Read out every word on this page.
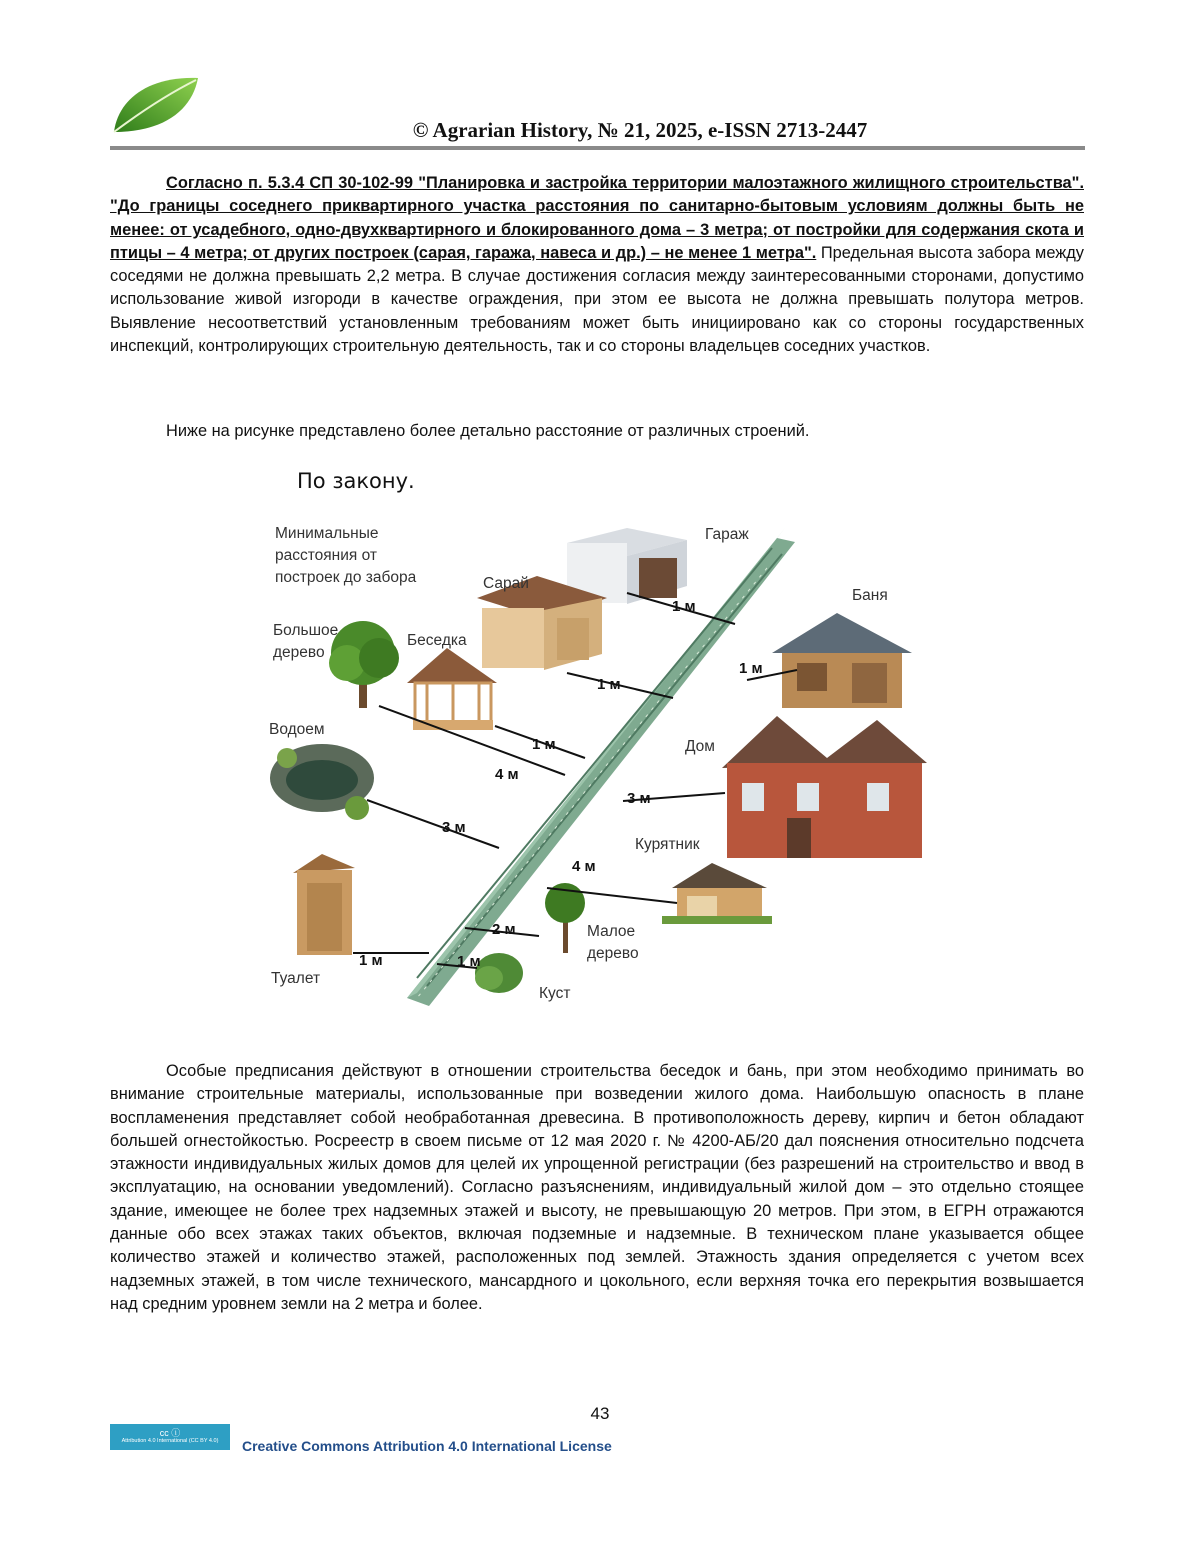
© Agrarian History, № 21, 2025, e-ISSN 2713-2447

Согласно п. 5.3.4 СП 30-102-99 "Планировка и застройка территории малоэтажного жилищного строительства". "До границы соседнего приквартирного участка расстояния по санитарно-бытовым условиям должны быть не менее: от усадебного, одно-двухквартирного и блокированного дома – 3 метра; от постройки для содержания скота и птицы – 4 метра; от других построек (сарая, гаража, навеса и др.) – не менее 1 метра". Предельная высота забора между соседями не должна превышать 2,2 метра. В случае достижения согласия между заинтересованными сторонами, допустимо использование живой изгороди в качестве ограждения, при этом ее высота не должна превышать полутора метров. Выявление несоответствий установленным требованиям может быть инициировано как со стороны государственных инспекций, контролирующих строительную деятельность, так и со стороны владельцев соседних участков.

Ниже на рисунке представлено более детально расстояние от различных строений.

По закону.
Минимальные
расстояния от
построек до забора
Гараж
Сарай
Баня
Большое
дерево
Беседка
Водоем
Дом
Курятник
Туалет
Малое
дерево
Куст
1 м
1 м
1 м
1 м
4 м
3 м
3 м
4 м
2 м
1 м	1 м

Особые предписания действуют в отношении строительства беседок и бань, при этом необходимо принимать во внимание строительные материалы, использованные при возведении жилого дома. Наибольшую опасность в плане воспламенения представляет собой необработанная древесина. В противоположность дереву, кирпич и бетон обладают большей огнестойкостью. Росреестр в своем письме от 12 мая 2020 г. № 4200-АБ/20 дал пояснения относительно подсчета этажности индивидуальных жилых домов для целей их упрощенной регистрации (без разрешений на строительство и ввод в эксплуатацию, на основании уведомлений). Согласно разъяснениям, индивидуальный жилой дом – это отдельно стоящее здание, имеющее не более трех надземных этажей и высоту, не превышающую 20 метров. При этом, в ЕГРН отражаются данные обо всех этажах таких объектов, включая подземные и надземные. В техническом плане указывается общее количество этажей и количество этажей, расположенных под землей. Этажность здания определяется с учетом всех надземных этажей, в том числе технического, мансардного и цокольного, если верхняя точка его перекрытия возвышается над средним уровнем земли на 2 метра и более.

43
cc ⓘ
Attribution 4.0 International (CC BY 4.0)	Creative Commons Attribution 4.0 International License
